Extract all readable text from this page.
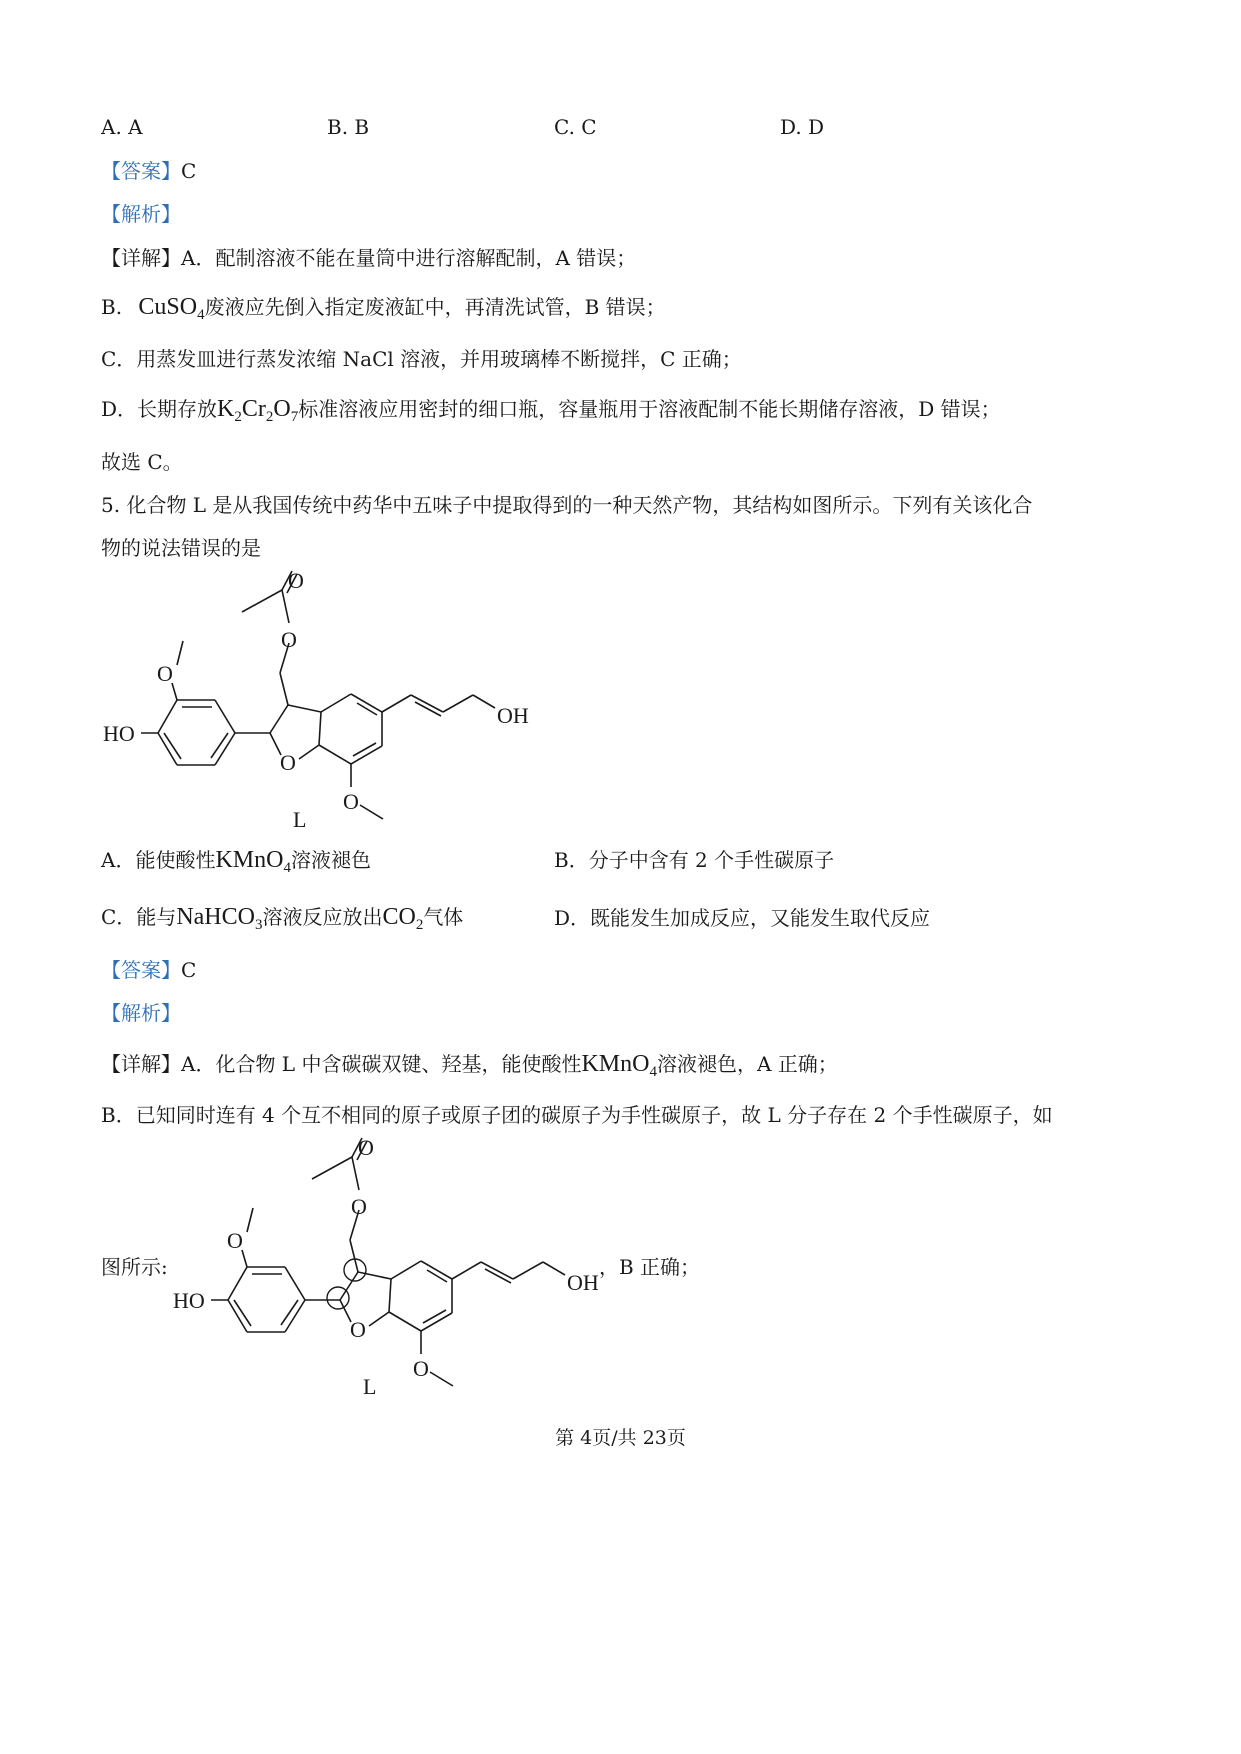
A. A	B. B	C. C	D. D
【答案】C
【解析】
【详解】A．配制溶液不能在量筒中进行溶解配制，A 错误；
B. CuSO$_4$废液应先倒入指定废液缸中，再清洗试管，B 错误；
C．用蒸发皿进行蒸发浓缩 NaCl 溶液，并用玻璃棒不断搅拌，C 正确；
D．长期存放$K_2Cr_2O_7$标准溶液应用密封的细口瓶，容量瓶用于溶液配制不能长期储存溶液，D 错误；
故选 C。
5. 化合物 L 是从我国传统中药华中五味子中提取得到的一种天然产物，其结构如图所示。下列有关该化合
物的说法错误的是
O
O
O
HO
O
OH
O
L
A．能使酸性KMnO$_4$溶液褪色	B．分子中含有 2 个手性碳原子
C．能与NaHCO$_3$溶液反应放出$CO_2$气体	D．既能发生加成反应，又能发生取代反应
【答案】C
【解析】
【详解】A．化合物 L 中含碳碳双键、羟基，能使酸性KMnO$_4$溶液褪色，A 正确；
B．已知同时连有 4 个互不相同的原子或原子团的碳原子为手性碳原子，故 L 分子存在 2 个手性碳原子，如
图所示:
O
O
O
HO
O
OH
O
L
，B 正确；
第 4页/共 23页
